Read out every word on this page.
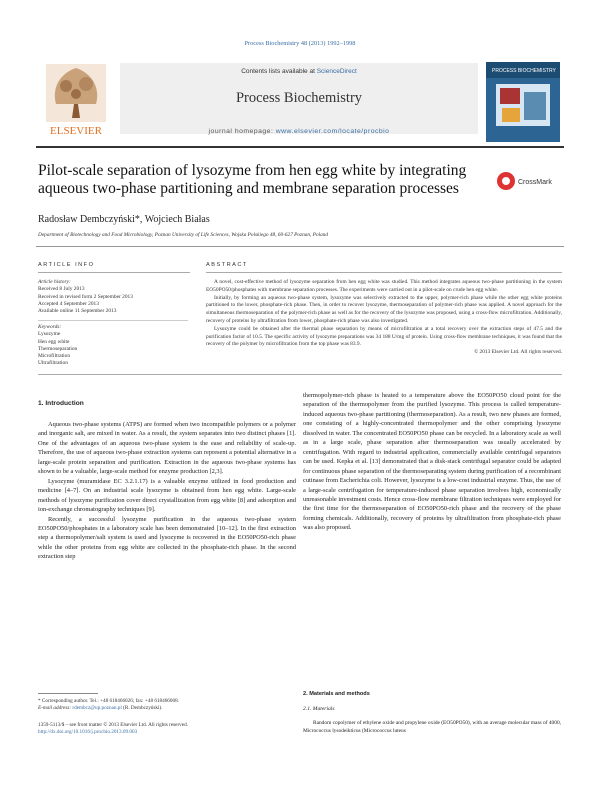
Process Biochemistry 48 (2013) 1992–1998
ELSEVIER
Contents lists available at ScienceDirect
Process Biochemistry
journal homepage: www.elsevier.com/locate/procbio
PROCESS BIOCHEMISTRY
Pilot-scale separation of lysozyme from hen egg white by integrating aqueous two-phase partitioning and membrane separation processes	CrossMark
Radosław Dembczyński*, Wojciech Białas
Department of Biotechnology and Food Microbiology, Poznan University of Life Sciences, Wojska Polskiego 48, 60-627 Poznan, Poland
ARTICLE INFO	ABSTRACT
Article history:
Received 8 July 2013
Received in revised form 2 September 2013
Accepted 4 September 2013
Available online 11 September 2013
Keywords:
Lysozyme
Hen egg white
Thermoseparation
Microfiltration
Ultrafiltration

A novel, cost-effective method of lysozyme separation from hen egg white was studied. This method integrates aqueous two-phase partitioning in the system EO50PO50/phosphates with membrane separation processes. The experiments were carried out in a pilot-scale on crude hen egg white.

Initially, by forming an aqueous two-phase system, lysozyme was selectively extracted to the upper, polymer-rich phase while the other egg white proteins partitioned to the lower, phosphate-rich phase. Then, in order to recover lysozyme, thermoseparation of polymer-rich phase was applied. A novel approach for the simultaneous thermoseparation of the polymer-rich phase as well as for the recovery of the lysozyme was proposed, using a cross-flow microfiltration. Additionally, recovery of proteins by ultrafiltration from lower, phosphate-rich phase was also investigated.

Lysozyme could be obtained after the thermal phase separation by means of microfiltration at a total recovery over the extraction steps of 47.5 and the purification factor of 10.5. The specific activity of lysozyme preparations was 34 188 U/mg of protein. Using cross-flow membrane techniques, it was found that the recovery of the polymer by microfiltration from the top phase was 83.9.

© 2013 Elsevier Ltd. All rights reserved.

1. Introduction

Aqueous two-phase systems (ATPS) are formed when two incompatible polymers or a polymer and inorganic salt, are mixed in water. As a result, the system separates into two distinct phases [1]. One of the advantages of an aqueous two-phase system is the ease and reliability of scale-up. Therefore, the use of aqueous two-phase extraction systems can represent a potential alternative in a large-scale protein separation and purification. Extraction in the aqueous two-phase systems has shown to be a valuable, large-scale method for enzyme production [2,3].

Lysozyme (muramidase EC 3.2.1.17) is a valuable enzyme utilized in food production and medicine [4–7]. On an industrial scale lysozyme is obtained from hen egg white. Large-scale methods of lysozyme purification cover direct crystallization from egg white [8] and adsorption and ion-exchange chromatography techniques [9].

Recently, a successful lysozyme purification in the aqueous two-phase system EO50PO50/phosphates in a laboratory scale has been demonstrated [10–12]. In the first extraction step a thermopolymer/salt system is used and lysozyme is recovered in the EO50PO50-rich phase while the other proteins from egg white are collected in the phosphate-rich phase. In the second extraction step

thermopolymer-rich phase is heated to a temperature above the EO50PO50 cloud point for the separation of the thermopolymer from the purified lysozyme. This process is called temperature-induced aqueous two-phase partitioning (thermoseparation). As a result, two new phases are formed, one consisting of a highly-concentrated thermopolymer and the other comprising lysozyme dissolved in water. The concentrated EO50PO50 phase can be recycled. In a laboratory scale as well as in a large scale, phase separation after thermoseparation was usually accelerated by centrifugation. With regard to industrial application, commercially available centrifugal separators can be used. Kepka et al. [13] demonstrated that a disk-stack centrifugal separator could be adapted for continuous phase separation of the thermoseparating system during purification of a recombinant cutinase from Escherichia coli. However, lysozyme is a low-cost industrial enzyme. Thus, the use of a large-scale centrifugation for temperature-induced phase separation involves high, economically unreasonable investment costs. Hence cross-flow membrane filtration techniques were employed for the first time for the thermoseparation of EO50PO50-rich phase and the recovery of the phase forming chemicals. Additionally, recovery of proteins by ultrafiltration from phosphate-rich phase was also proposed.

2. Materials and methods
2.1. Materials
Random copolymer of ethylene oxide and propylene oxide (EO50PO50), with an average molecular mass of 4000, Micrococcus lysodeikticus (Micrococcus luteus
* Corresponding author. Tel.: +48 618466026; fax: +48 618466008.
E-mail address: rdembcz@up.poznan.pl (R. Dembczyński).
1359-5113/$ – see front matter © 2013 Elsevier Ltd. All rights reserved.
http://dx.doi.org/10.1016/j.procbio.2013.09.003
